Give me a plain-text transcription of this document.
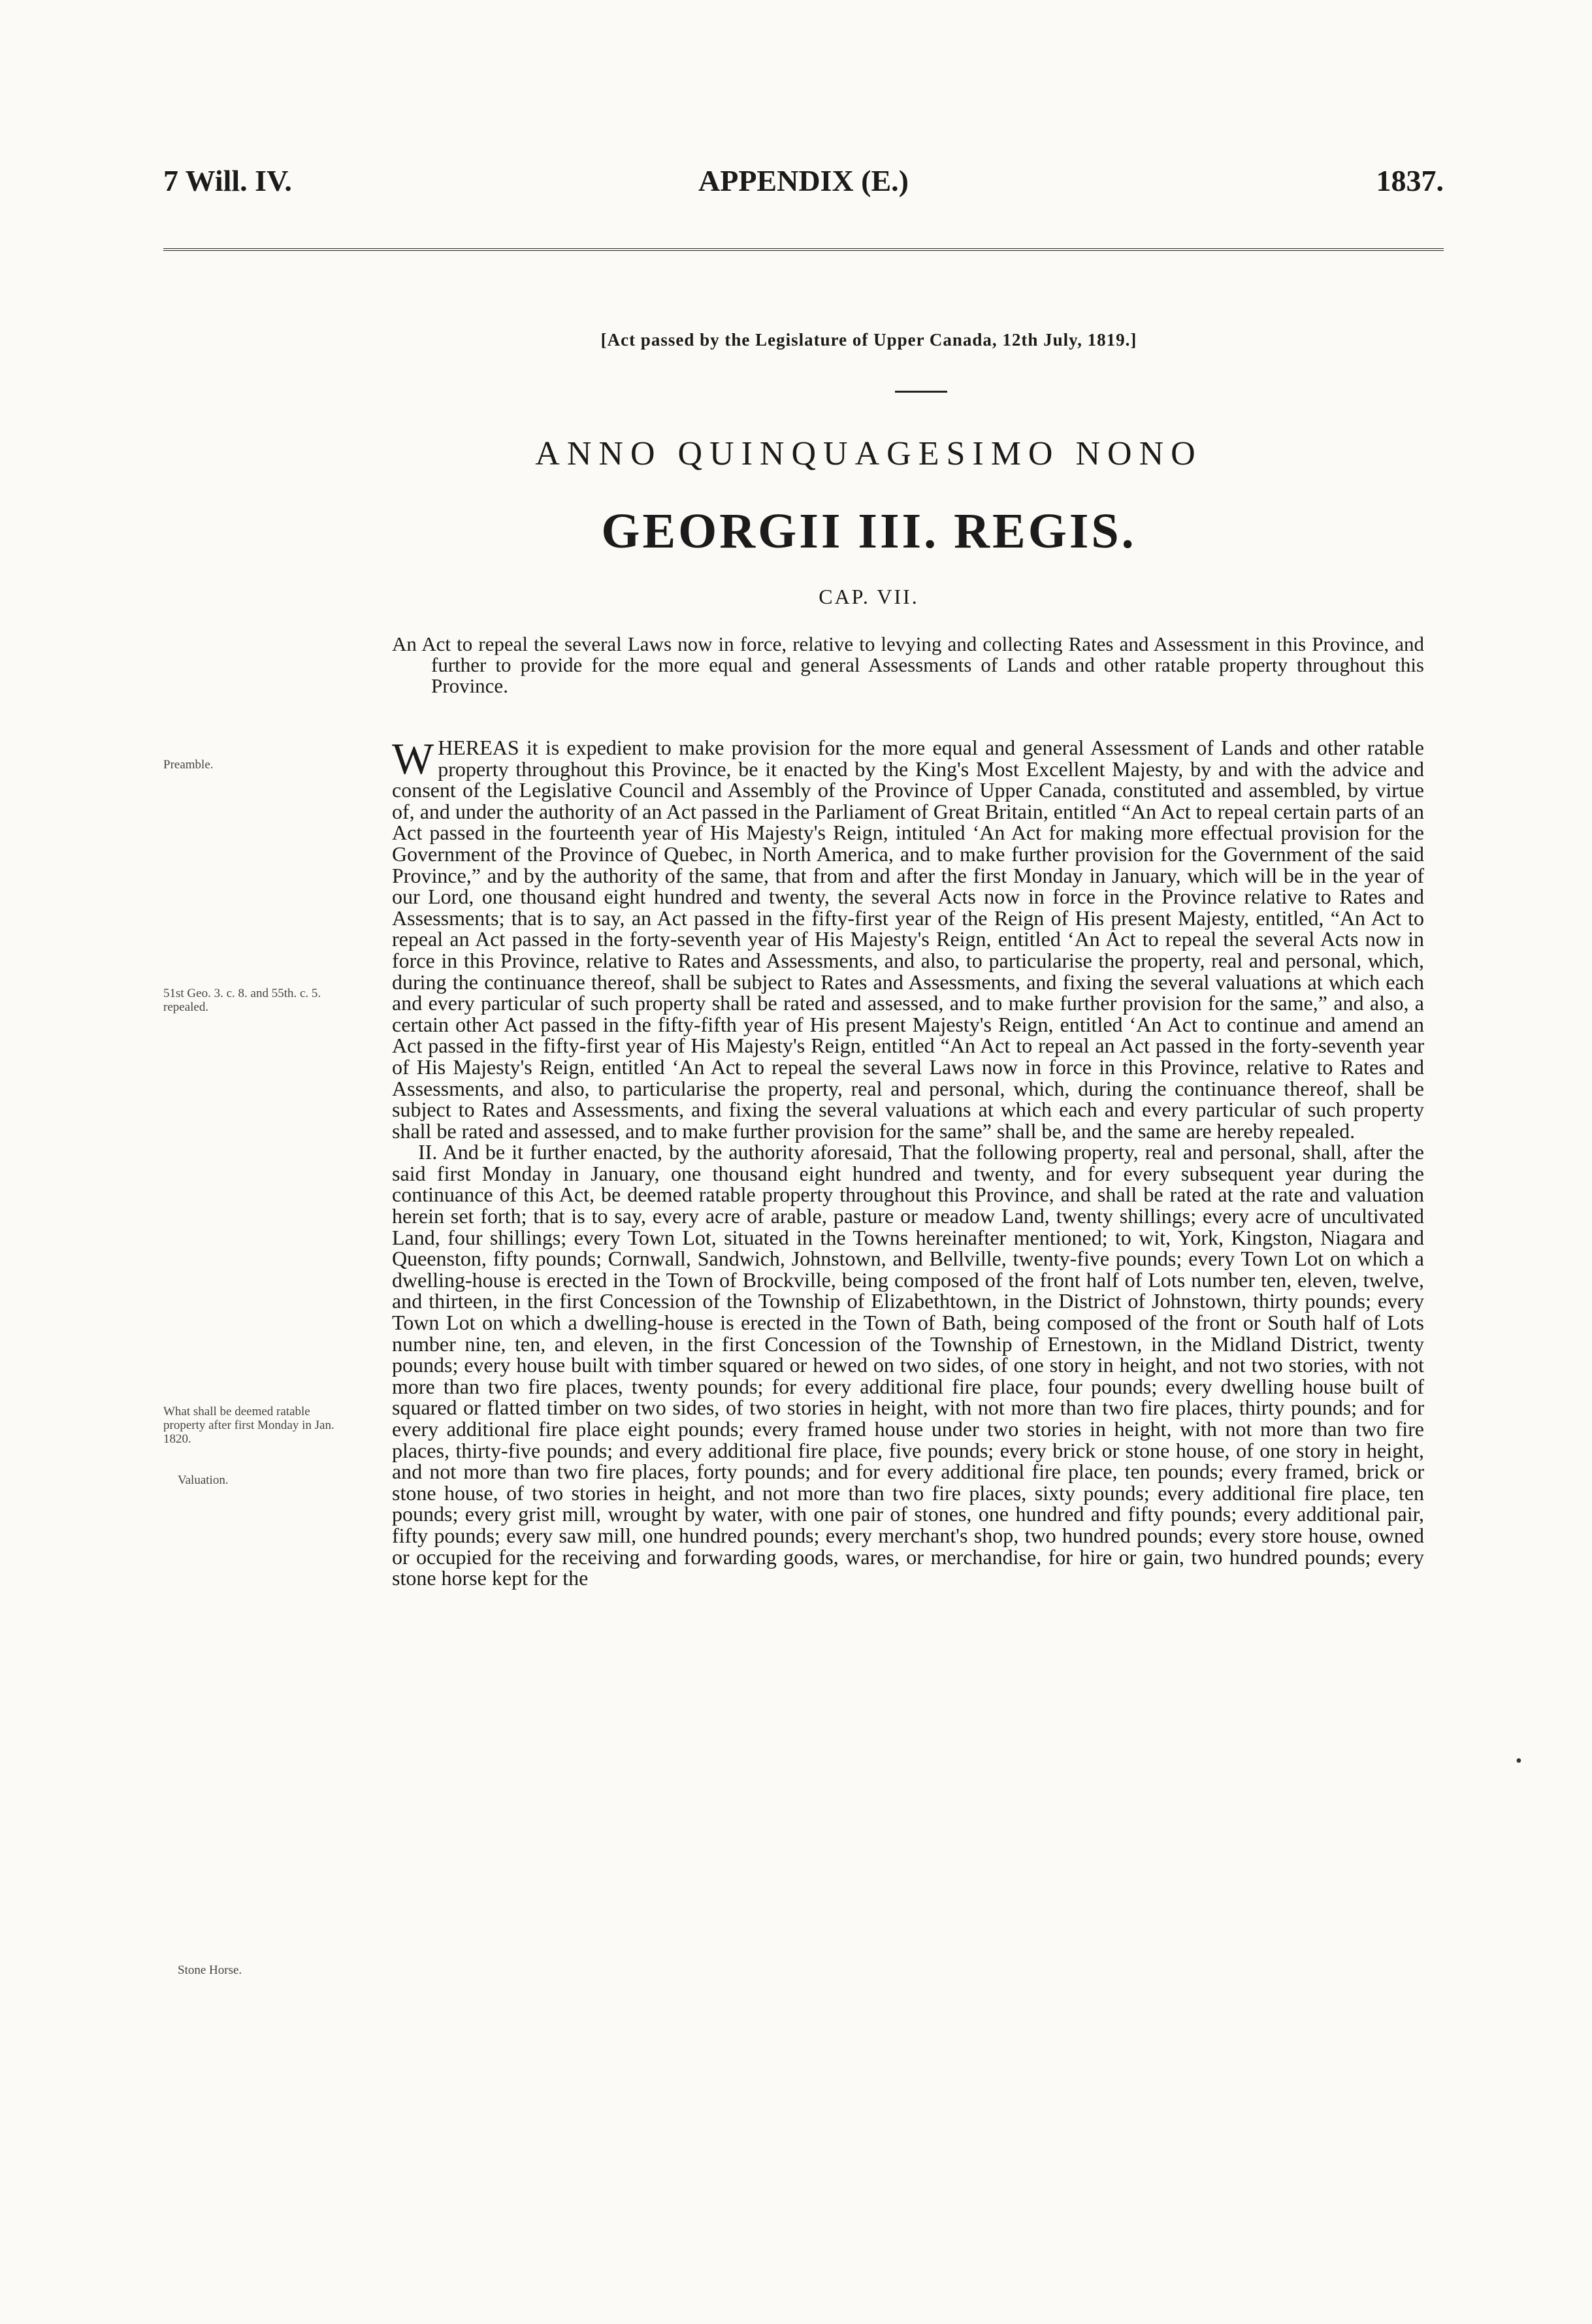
7 Will. IV.	APPENDIX (E.)	1837.
[Act passed by the Legislature of Upper Canada, 12th July, 1819.]
ANNO QUINQUAGESIMO NONO
GEORGII III. REGIS.
CAP. VII.
An Act to repeal the several Laws now in force, relative to levying and collecting Rates and Assessment in this Province, and further to provide for the more equal and general Assessments of Lands and other ratable property throughout this Province.

WHEREAS it is expedient to make provision for the more equal and general Assessment of Lands and other ratable property throughout this Province, be it enacted by the King's Most Excellent Majesty, by and with the advice and consent of the Legislative Council and Assembly of the Province of Upper Canada, constituted and assembled, by virtue of, and under the authority of an Act passed in the Parliament of Great Britain, entitled “An Act to repeal certain parts of an Act passed in the fourteenth year of His Majesty's Reign, intituled ‘An Act for making more effectual provision for the Government of the Province of Quebec, in North America, and to make further provision for the Government of the said Province,” and by the authority of the same, that from and after the first Monday in January, which will be in the year of our Lord, one thousand eight hundred and twenty, the several Acts now in force in the Province relative to Rates and Assessments; that is to say, an Act passed in the fifty-first year of the Reign of His present Majesty, entitled, “An Act to repeal an Act passed in the forty-seventh year of His Majesty's Reign, entitled ‘An Act to repeal the several Acts now in force in this Province, relative to Rates and Assessments, and also, to particularise the property, real and personal, which, during the continuance thereof, shall be subject to Rates and Assessments, and fixing the several valuations at which each and every particular of such property shall be rated and assessed, and to make further provision for the same,” and also, a certain other Act passed in the fifty-fifth year of His present Majesty's Reign, entitled ‘An Act to continue and amend an Act passed in the fifty-first year of His Majesty's Reign, entitled “An Act to repeal an Act passed in the forty-seventh year of His Majesty's Reign, entitled ‘An Act to repeal the several Laws now in force in this Province, relative to Rates and Assessments, and also, to particularise the property, real and personal, which, during the continuance thereof, shall be subject to Rates and Assessments, and fixing the several valuations at which each and every particular of such property shall be rated and assessed, and to make further provision for the same” shall be, and the same are hereby repealed.

II. And be it further enacted, by the authority aforesaid, That the following property, real and personal, shall, after the said first Monday in January, one thousand eight hundred and twenty, and for every subsequent year during the continuance of this Act, be deemed ratable property throughout this Province, and shall be rated at the rate and valuation herein set forth; that is to say, every acre of arable, pasture or meadow Land, twenty shillings; every acre of uncultivated Land, four shillings; every Town Lot, situated in the Towns hereinafter mentioned; to wit, York, Kingston, Niagara and Queenston, fifty pounds; Cornwall, Sandwich, Johnstown, and Bellville, twenty-five pounds; every Town Lot on which a dwelling-house is erected in the Town of Brockville, being composed of the front half of Lots number ten, eleven, twelve, and thirteen, in the first Concession of the Township of Elizabethtown, in the District of Johnstown, thirty pounds; every Town Lot on which a dwelling-house is erected in the Town of Bath, being composed of the front or South half of Lots number nine, ten, and eleven, in the first Concession of the Township of Ernestown, in the Midland District, twenty pounds; every house built with timber squared or hewed on two sides, of one story in height, and not two stories, with not more than two fire places, twenty pounds; for every additional fire place, four pounds; every dwelling house built of squared or flatted timber on two sides, of two stories in height, with not more than two fire places, thirty pounds; and for every additional fire place eight pounds; every framed house under two stories in height, with not more than two fire places, thirty-five pounds; and every additional fire place, five pounds; every brick or stone house, of one story in height, and not more than two fire places, forty pounds; and for every additional fire place, ten pounds; every framed, brick or stone house, of two stories in height, and not more than two fire places, sixty pounds; every additional fire place, ten pounds; every grist mill, wrought by water, with one pair of stones, one hundred and fifty pounds; every additional pair, fifty pounds; every saw mill, one hundred pounds; every merchant's shop, two hundred pounds; every store house, owned or occupied for the receiving and forwarding goods, wares, or merchandise, for hire or gain, two hundred pounds; every stone horse kept for the

Preamble.
51st Geo. 3. c. 8. and 55th. c. 5. repealed.
What shall be deemed ratable property after first Monday in Jan. 1820.
Valuation.
Stone Horse.
•
